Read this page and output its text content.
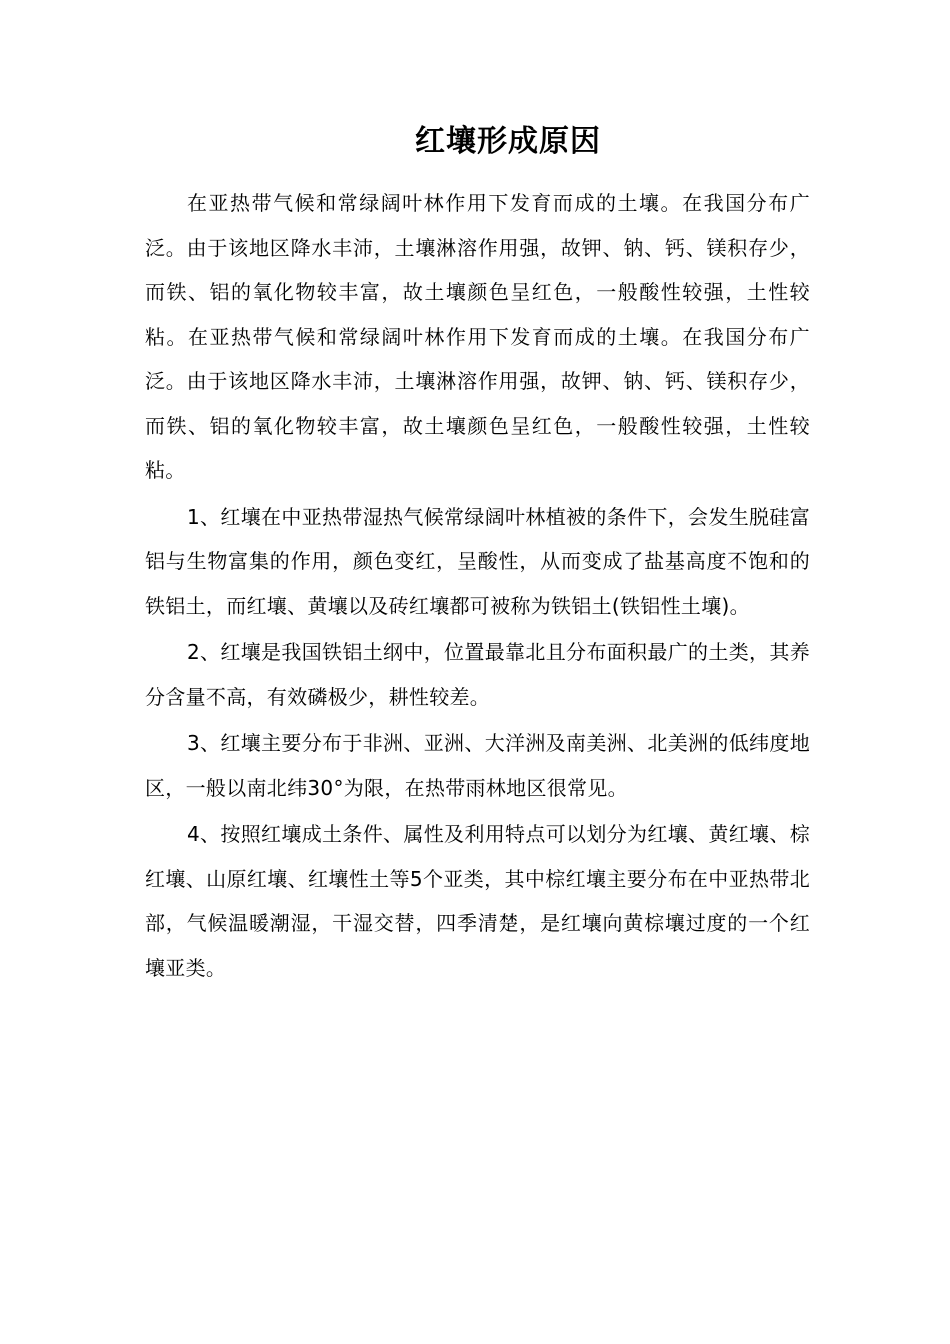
红壤形成原因

在亚热带气候和常绿阔叶林作用下发育而成的土壤。在我国分布广泛。由于该地区降水丰沛，土壤淋溶作用强，故钾、钠、钙、镁积存少，而铁、铝的氧化物较丰富，故土壤颜色呈红色，一般酸性较强，土性较粘。在亚热带气候和常绿阔叶林作用下发育而成的土壤。在我国分布广泛。由于该地区降水丰沛，土壤淋溶作用强，故钾、钠、钙、镁积存少，而铁、铝的氧化物较丰富，故土壤颜色呈红色，一般酸性较强，土性较粘。

1、红壤在中亚热带湿热气候常绿阔叶林植被的条件下，会发生脱硅富铝与生物富集的作用，颜色变红，呈酸性，从而变成了盐基高度不饱和的铁铝土，而红壤、黄壤以及砖红壤都可被称为铁铝土(铁铝性土壤)。

2、红壤是我国铁铝土纲中，位置最靠北且分布面积最广的土类，其养分含量不高，有效磷极少，耕性较差。

3、红壤主要分布于非洲、亚洲、大洋洲及南美洲、北美洲的低纬度地区，一般以南北纬30°为限，在热带雨林地区很常见。

4、按照红壤成土条件、属性及利用特点可以划分为红壤、黄红壤、棕红壤、山原红壤、红壤性土等5个亚类，其中棕红壤主要分布在中亚热带北部，气候温暖潮湿，干湿交替，四季清楚，是红壤向黄棕壤过度的一个红壤亚类。
